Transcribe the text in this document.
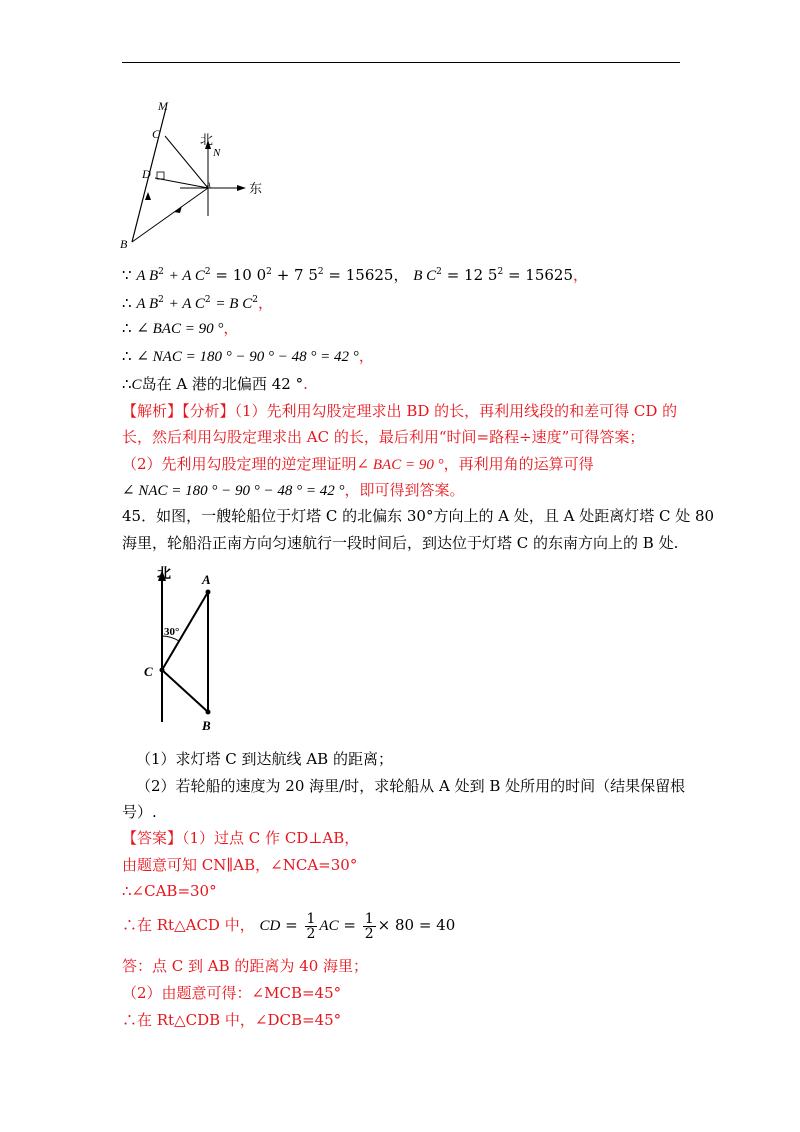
M
C
D
A
N
B
北
东
∵ A $B^2 + A$ $C^2 = 10$ $0^2 + 7$ $5^2 = 15625$， B $C^2 = 12$ $5^2 = 15625$，
∴ A $B^2 + A$ $C^2 = B$ $C^2$，
∴ ∠ BAC = 90 °，
∴ ∠ NAC = 180 ° − 90 ° − 48 ° = 42 °，
∴C岛在 A 港的北偏西 42 °.
【解析】【分析】（1）先利用勾股定理求出 BD 的长，再利用线段的和差可得 CD 的
长，然后利用勾股定理求出 AC 的长，最后利用“时间=路程÷速度”可得答案；
（2）先利用勾股定理的逆定理证明∠ BAC = 90 °，再利用角的运算可得
∠ NAC = 180 ° − 90 ° − 48 ° = 42 °，即可得到答案。
45．如图，一艘轮船位于灯塔 C 的北偏东 30°方向上的 A 处，且 A 处距离灯塔 C 处 80
海里，轮船沿正南方向匀速航行一段时间后，到达位于灯塔 C 的东南方向上的 B 处.
北 A
C
B
30°
（1）求灯塔 C 到达航线 AB 的距离；
（2）若轮船的速度为 20 海里/时，求轮船从 A 处到 B 处所用的时间（结果保留根
号）.
【答案】（1）过点 C 作 CD⊥AB，
由题意可知 CN∥AB，∠NCA=30°
∴∠CAB=30°
∴在 Rt△ACD 中， CD = $\frac{1}{2}$ AC = $\frac{1}{2} \times 80 = 40$
答：点 C 到 AB 的距离为 40 海里；
（2）由题意可得：∠MCB=45°
∴在 Rt△CDB 中，∠DCB=45°
